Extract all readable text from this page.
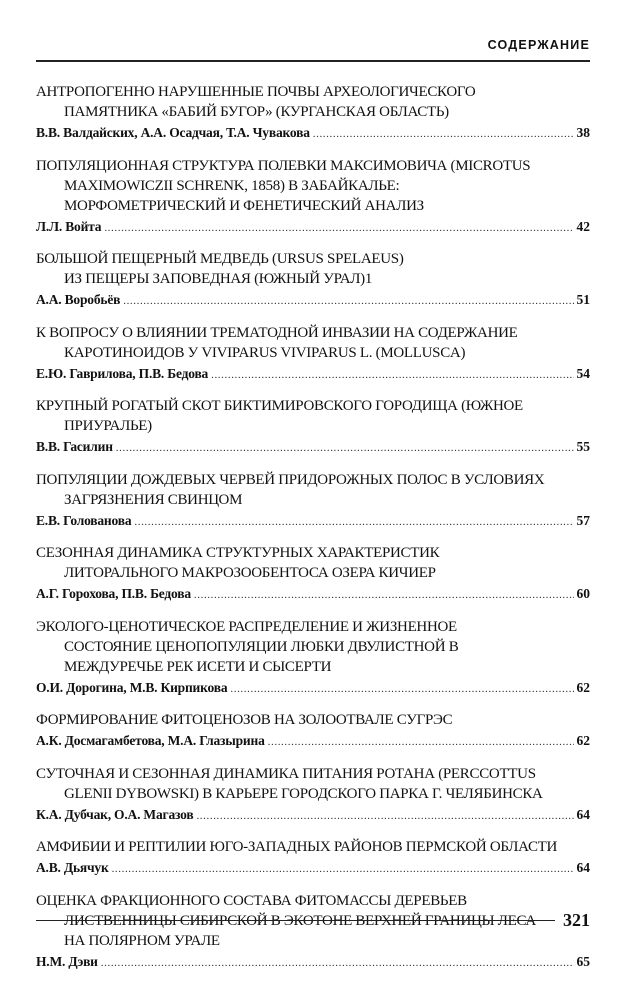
СОДЕРЖАНИЕ
АНТРОПОГЕННО НАРУШЕННЫЕ ПОЧВЫ АРХЕОЛОГИЧЕСКОГО
ПАМЯТНИКА «БАБИЙ БУГОР» (КУРГАНСКАЯ ОБЛАСТЬ)
В.В. Валдайских, А.А. Осадчая, Т.А. Чувакова .....	38
ПОПУЛЯЦИОННАЯ СТРУКТУРА ПОЛЕВКИ МАКСИМОВИЧА (MICROTUS
MAXIMOWICZII SCHRENK, 1858) В ЗАБАЙКАЛЬЕ:
МОРФОМЕТРИЧЕСКИЙ И ФЕНЕТИЧЕСКИЙ АНАЛИЗ
Л.Л. Войта .....	42
БОЛЬШОЙ ПЕЩЕРНЫЙ МЕДВЕДЬ (URSUS SPELAEUS)
ИЗ ПЕЩЕРЫ ЗАПОВЕДНАЯ (ЮЖНЫЙ УРАЛ)1
А.А. Воробьёв .....	51
К ВОПРОСУ О ВЛИЯНИИ ТРЕМАТОДНОЙ ИНВАЗИИ НА СОДЕРЖАНИЕ
КАРОТИНОИДОВ У VIVIPARUS VIVIPARUS L. (MOLLUSCA)
Е.Ю. Гаврилова, П.В. Бедова .....	54
КРУПНЫЙ РОГАТЫЙ СКОТ БИКТИМИРОВСКОГО ГОРОДИЩА (ЮЖНОЕ
ПРИУРАЛЬЕ)
В.В. Гасилин .....	55
ПОПУЛЯЦИИ ДОЖДЕВЫХ ЧЕРВЕЙ ПРИДОРОЖНЫХ ПОЛОС В УСЛОВИЯХ
ЗАГРЯЗНЕНИЯ СВИНЦОМ
Е.В. Голованова .....	57
СЕЗОННАЯ ДИНАМИКА СТРУКТУРНЫХ ХАРАКТЕРИСТИК
ЛИТОРАЛЬНОГО МАКРОЗООБЕНТОСА ОЗЕРА КИЧИЕР
А.Г. Горохова, П.В. Бедова .....	60
ЭКОЛОГО-ЦЕНОТИЧЕСКОЕ РАСПРЕДЕЛЕНИЕ И ЖИЗНЕННОЕ
СОСТОЯНИЕ ЦЕНОПОПУЛЯЦИИ ЛЮБКИ ДВУЛИСТНОЙ В
МЕЖДУРЕЧЬЕ РЕК ИСЕТИ И СЫСЕРТИ
О.И. Дорогина, М.В. Кирпикова .....	62
ФОРМИРОВАНИЕ ФИТОЦЕНОЗОВ НА ЗОЛООТВАЛЕ СУГРЭС
А.К. Досмагамбетова, М.А. Глазырина .....	62
СУТОЧНАЯ И СЕЗОННАЯ ДИНАМИКА ПИТАНИЯ РОТАНА (PERCCOTTUS
GLENII DYBOWSKI) В КАРЬЕРЕ ГОРОДСКОГО ПАРКА Г. ЧЕЛЯБИНСКА
К.А. Дубчак, О.А. Магазов .....	64
АМФИБИИ И РЕПТИЛИИ ЮГО-ЗАПАДНЫХ РАЙОНОВ ПЕРМСКОЙ ОБЛАСТИ
А.В. Дьячук .....	64
ОЦЕНКА ФРАКЦИОННОГО СОСТАВА ФИТОМАССЫ ДЕРЕВЬЕВ
ЛИСТВЕННИЦЫ СИБИРСКОЙ В ЭКОТОНЕ ВЕРХНЕЙ ГРАНИЦЫ ЛЕСА
НА ПОЛЯРНОМ УРАЛЕ
Н.М. Дэви .....	65
321
